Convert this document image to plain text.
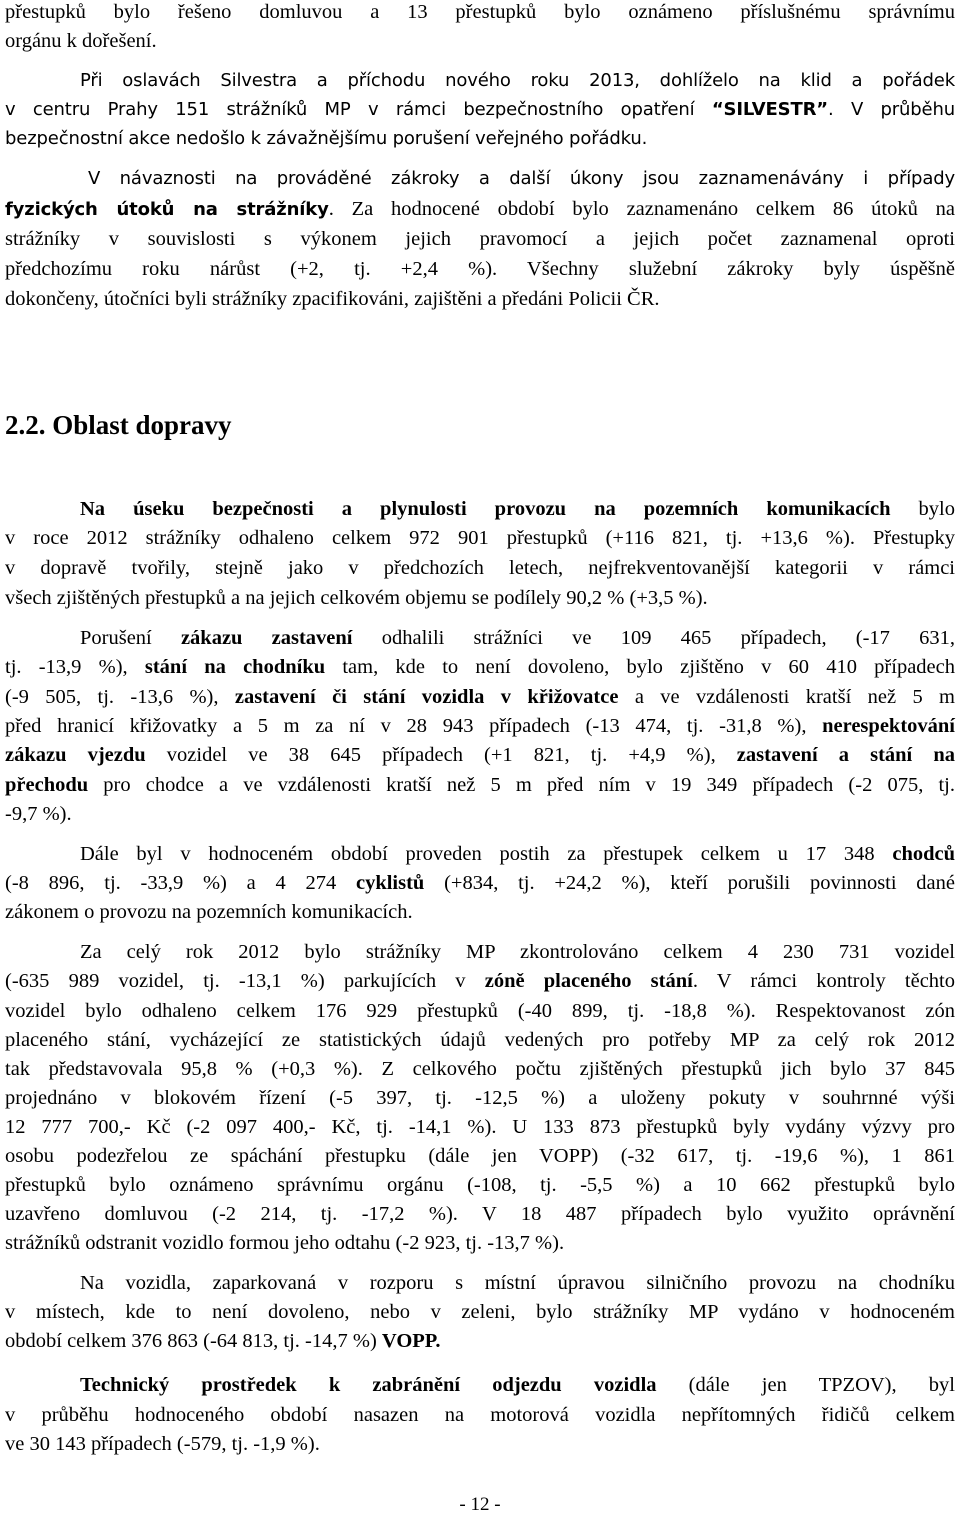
přestupků bylo řešeno domluvou a 13 přestupků bylo oznámeno příslušnému správnímu
orgánu k dořešení.
Při oslavách Silvestra a příchodu nového roku 2013, dohlíželo na klid a pořádek
v centru Prahy 151 strážníků MP v rámci bezpečnostního opatření “SILVESTR”. V průběhu
bezpečnostní akce nedošlo k závažnějšímu porušení veřejného pořádku.
V návaznosti na prováděné zákroky a další úkony jsou zaznamenávány i případy
fyzických útoků na strážníky. Za hodnocené období bylo zaznamenáno celkem 86 útoků na
strážníky v souvislosti s výkonem jejich pravomocí a jejich počet zaznamenal oproti
předchozímu roku nárůst (+2, tj. +2,4 %). Všechny služební zákroky byly úspěšně
dokončeny, útočníci byli strážníky zpacifikováni, zajištěni a předáni Policii ČR.
2.2. Oblast dopravy
Na úseku bezpečnosti a plynulosti provozu na pozemních komunikacích bylo
v roce 2012 strážníky odhaleno celkem 972 901 přestupků (+116 821, tj. +13,6 %). Přestupky
v dopravě tvořily, stejně jako v předchozích letech, nejfrekventovanější kategorii v rámci
všech zjištěných přestupků a na jejich celkovém objemu se podílely 90,2 % (+3,5 %).
Porušení zákazu zastavení odhalili strážníci ve 109 465 případech, (-17 631,
tj. -13,9 %), stání na chodníku tam, kde to není dovoleno, bylo zjištěno v 60 410 případech
(-9 505, tj. -13,6 %), zastavení či stání vozidla v křižovatce a ve vzdálenosti kratší než 5 m
před hranicí křižovatky a 5 m za ní v 28 943 případech (-13 474, tj. -31,8 %), nerespektování
zákazu vjezdu vozidel ve 38 645 případech (+1 821, tj. +4,9 %), zastavení a stání na
přechodu pro chodce a ve vzdálenosti kratší než 5 m před ním v 19 349 případech (-2 075, tj.
-9,7 %).
Dále byl v hodnoceném období proveden postih za přestupek celkem u 17 348 chodců
(-8 896, tj. -33,9 %) a 4 274 cyklistů (+834, tj. +24,2 %), kteří porušili povinnosti dané
zákonem o provozu na pozemních komunikacích.
Za celý rok 2012 bylo strážníky MP zkontrolováno celkem 4 230 731 vozidel
(-635 989 vozidel, tj. -13,1 %) parkujících v zóně placeného stání. V rámci kontroly těchto
vozidel bylo odhaleno celkem 176 929 přestupků (-40 899, tj. -18,8 %). Respektovanost zón
placeného stání, vycházející ze statistických údajů vedených pro potřeby MP za celý rok 2012
tak představovala 95,8 % (+0,3 %). Z celkového počtu zjištěných přestupků jich bylo 37 845
projednáno v blokovém řízení (-5 397, tj. -12,5 %) a uloženy pokuty v souhrnné výši
12 777 700,- Kč (-2 097 400,- Kč, tj. -14,1 %). U 133 873 přestupků byly vydány výzvy pro
osobu podezřelou ze spáchání přestupku (dále jen VOPP) (-32 617, tj. -19,6 %), 1 861
přestupků bylo oznámeno správnímu orgánu (-108, tj. -5,5 %) a 10 662 přestupků bylo
uzavřeno domluvou (-2 214, tj. -17,2 %). V 18 487 případech bylo využito oprávnění
strážníků odstranit vozidlo formou jeho odtahu (-2 923, tj. -13,7 %).
Na vozidla, zaparkovaná v rozporu s místní úpravou silničního provozu na chodníku
v místech, kde to není dovoleno, nebo v zeleni, bylo strážníky MP vydáno v hodnoceném
období celkem 376 863 (-64 813, tj. -14,7 %) VOPP.
Technický prostředek k zabránění odjezdu vozidla (dále jen TPZOV), byl
v průběhu hodnoceného období nasazen na motorová vozidla nepřítomných řidičů celkem
ve 30 143 případech (-579, tj. -1,9 %).
- 12 -
